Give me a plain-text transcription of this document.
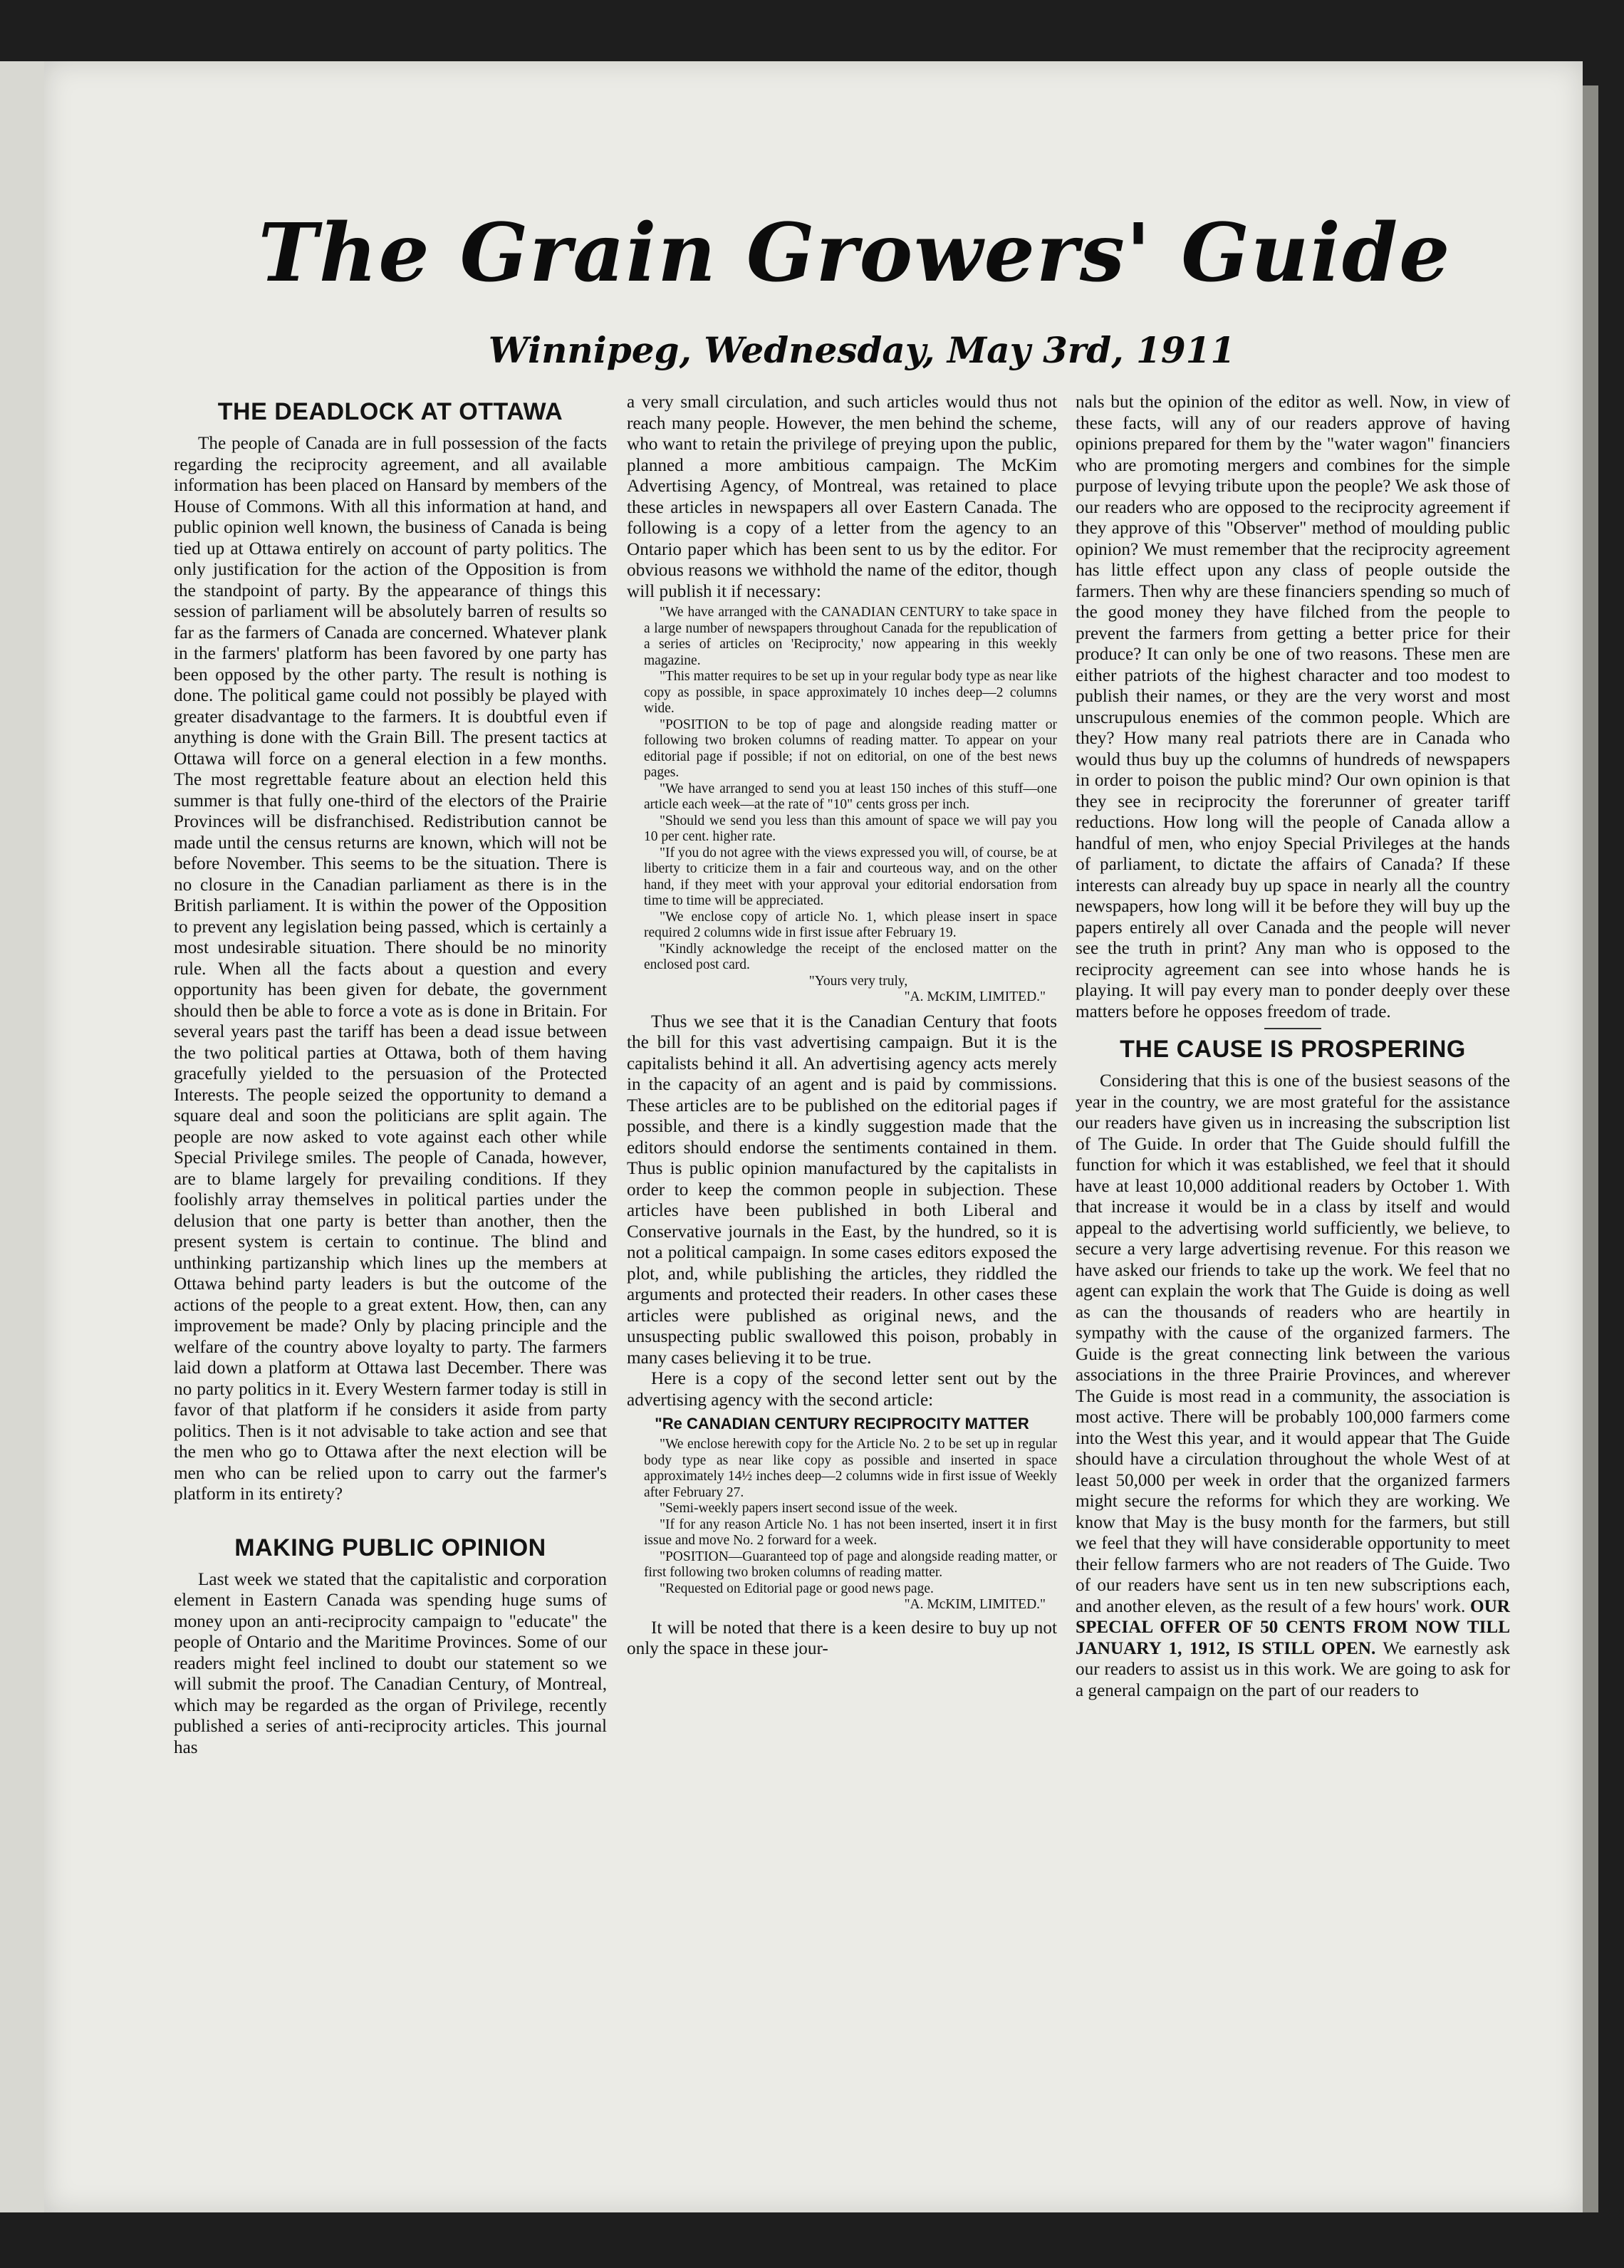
The Grain Growers' Guide
Winnipeg, Wednesday, May 3rd, 1911
THE DEADLOCK AT OTTAWA

The people of Canada are in full possession of the facts regarding the reciprocity agreement, and all available information has been placed on Hansard by members of the House of Commons. With all this information at hand, and public opinion well known, the business of Canada is being tied up at Ottawa entirely on account of party politics. The only justification for the action of the Opposition is from the standpoint of party. By the appearance of things this session of parliament will be absolutely barren of results so far as the farmers of Canada are concerned. Whatever plank in the farmers' platform has been favored by one party has been opposed by the other party. The result is nothing is done. The political game could not possibly be played with greater disadvantage to the farmers. It is doubtful even if anything is done with the Grain Bill. The present tactics at Ottawa will force on a general election in a few months. The most regrettable feature about an election held this summer is that fully one-third of the electors of the Prairie Provinces will be disfranchised. Redistribution cannot be made until the census returns are known, which will not be before November. This seems to be the situation. There is no closure in the Canadian parliament as there is in the British parliament. It is within the power of the Opposition to prevent any legislation being passed, which is certainly a most undesirable situation. There should be no minority rule. When all the facts about a question and every opportunity has been given for debate, the government should then be able to force a vote as is done in Britain. For several years past the tariff has been a dead issue between the two political parties at Ottawa, both of them having gracefully yielded to the persuasion of the Protected Interests. The people seized the opportunity to demand a square deal and soon the politicians are split again. The people are now asked to vote against each other while Special Privilege smiles. The people of Canada, however, are to blame largely for prevailing conditions. If they foolishly array themselves in political parties under the delusion that one party is better than another, then the present system is certain to continue. The blind and unthinking partizanship which lines up the members at Ottawa behind party leaders is but the outcome of the actions of the people to a great extent. How, then, can any improvement be made? Only by placing principle and the welfare of the country above loyalty to party. The farmers laid down a platform at Ottawa last December. There was no party politics in it. Every Western farmer today is still in favor of that platform if he considers it aside from party politics. Then is it not advisable to take action and see that the men who go to Ottawa after the next election will be men who can be relied upon to carry out the farmer's platform in its entirety?

MAKING PUBLIC OPINION

Last week we stated that the capitalistic and corporation element in Eastern Canada was spending huge sums of money upon an anti-reciprocity campaign to "educate" the people of Ontario and the Maritime Provinces. Some of our readers might feel inclined to doubt our statement so we will submit the proof. The Canadian Century, of Montreal, which may be regarded as the organ of Privilege, recently published a series of anti-reciprocity articles. This journal has

a very small circulation, and such articles would thus not reach many people. However, the men behind the scheme, who want to retain the privilege of preying upon the public, planned a more ambitious campaign. The McKim Advertising Agency, of Montreal, was retained to place these articles in newspapers all over Eastern Canada. The following is a copy of a letter from the agency to an Ontario paper which has been sent to us by the editor. For obvious reasons we withhold the name of the editor, though will publish it if necessary:

"We have arranged with the CANADIAN CENTURY to take space in a large number of newspapers throughout Canada for the republication of a series of articles on 'Reciprocity,' now appearing in this weekly magazine.

"This matter requires to be set up in your regular body type as near like copy as possible, in space approximately 10 inches deep—2 columns wide.

"POSITION to be top of page and alongside reading matter or following two broken columns of reading matter. To appear on your editorial page if possible; if not on editorial, on one of the best news pages.

"We have arranged to send you at least 150 inches of this stuff—one article each week—at the rate of "10" cents gross per inch.

"Should we send you less than this amount of space we will pay you 10 per cent. higher rate.

"If you do not agree with the views expressed you will, of course, be at liberty to criticize them in a fair and courteous way, and on the other hand, if they meet with your approval your editorial endorsation from time to time will be appreciated.

"We enclose copy of article No. 1, which please insert in space required 2 columns wide in first issue after February 19.

"Kindly acknowledge the receipt of the enclosed matter on the enclosed post card.

"Yours very truly,

"A. McKIM, LIMITED."

Thus we see that it is the Canadian Century that foots the bill for this vast advertising campaign. But it is the capitalists behind it all. An advertising agency acts merely in the capacity of an agent and is paid by commissions. These articles are to be published on the editorial pages if possible, and there is a kindly suggestion made that the editors should endorse the sentiments contained in them. Thus is public opinion manufactured by the capitalists in order to keep the common people in subjection. These articles have been published in both Liberal and Conservative journals in the East, by the hundred, so it is not a political campaign. In some cases editors exposed the plot, and, while publishing the articles, they riddled the arguments and protected their readers. In other cases these articles were published as original news, and the unsuspecting public swallowed this poison, probably in many cases believing it to be true.

Here is a copy of the second letter sent out by the advertising agency with the second article:

"Re CANADIAN CENTURY RECIPROCITY MATTER

"We enclose herewith copy for the Article No. 2 to be set up in regular body type as near like copy as possible and inserted in space approximately 14½ inches deep—2 columns wide in first issue of Weekly after February 27.

"Semi-weekly papers insert second issue of the week.

"If for any reason Article No. 1 has not been inserted, insert it in first issue and move No. 2 forward for a week.

"POSITION—Guaranteed top of page and alongside reading matter, or first following two broken columns of reading matter.

"Requested on Editorial page or good news page.

"A. McKIM, LIMITED."

It will be noted that there is a keen desire to buy up not only the space in these jour-

nals but the opinion of the editor as well. Now, in view of these facts, will any of our readers approve of having opinions prepared for them by the "water wagon" financiers who are promoting mergers and combines for the simple purpose of levying tribute upon the people? We ask those of our readers who are opposed to the reciprocity agreement if they approve of this "Observer" method of moulding public opinion? We must remember that the reciprocity agreement has little effect upon any class of people outside the farmers. Then why are these financiers spending so much of the good money they have filched from the people to prevent the farmers from getting a better price for their produce? It can only be one of two reasons. These men are either patriots of the highest character and too modest to publish their names, or they are the very worst and most unscrupulous enemies of the common people. Which are they? How many real patriots there are in Canada who would thus buy up the columns of hundreds of newspapers in order to poison the public mind? Our own opinion is that they see in reciprocity the forerunner of greater tariff reductions. How long will the people of Canada allow a handful of men, who enjoy Special Privileges at the hands of parliament, to dictate the affairs of Canada? If these interests can already buy up space in nearly all the country newspapers, how long will it be before they will buy up the papers entirely all over Canada and the people will never see the truth in print? Any man who is opposed to the reciprocity agreement can see into whose hands he is playing. It will pay every man to ponder deeply over these matters before he opposes freedom of trade.

THE CAUSE IS PROSPERING

Considering that this is one of the busiest seasons of the year in the country, we are most grateful for the assistance our readers have given us in increasing the subscription list of The Guide. In order that The Guide should fulfill the function for which it was established, we feel that it should have at least 10,000 additional readers by October 1. With that increase it would be in a class by itself and would appeal to the advertising world sufficiently, we believe, to secure a very large advertising revenue. For this reason we have asked our friends to take up the work. We feel that no agent can explain the work that The Guide is doing as well as can the thousands of readers who are heartily in sympathy with the cause of the organized farmers. The Guide is the great connecting link between the various associations in the three Prairie Provinces, and wherever The Guide is most read in a community, the association is most active. There will be probably 100,000 farmers come into the West this year, and it would appear that The Guide should have a circulation throughout the whole West of at least 50,000 per week in order that the organized farmers might secure the reforms for which they are working. We know that May is the busy month for the farmers, but still we feel that they will have considerable opportunity to meet their fellow farmers who are not readers of The Guide. Two of our readers have sent us in ten new subscriptions each, and another eleven, as the result of a few hours' work. OUR SPECIAL OFFER OF 50 CENTS FROM NOW TILL JANUARY 1, 1912, IS STILL OPEN. We earnestly ask our readers to assist us in this work. We are going to ask for a general campaign on the part of our readers to
